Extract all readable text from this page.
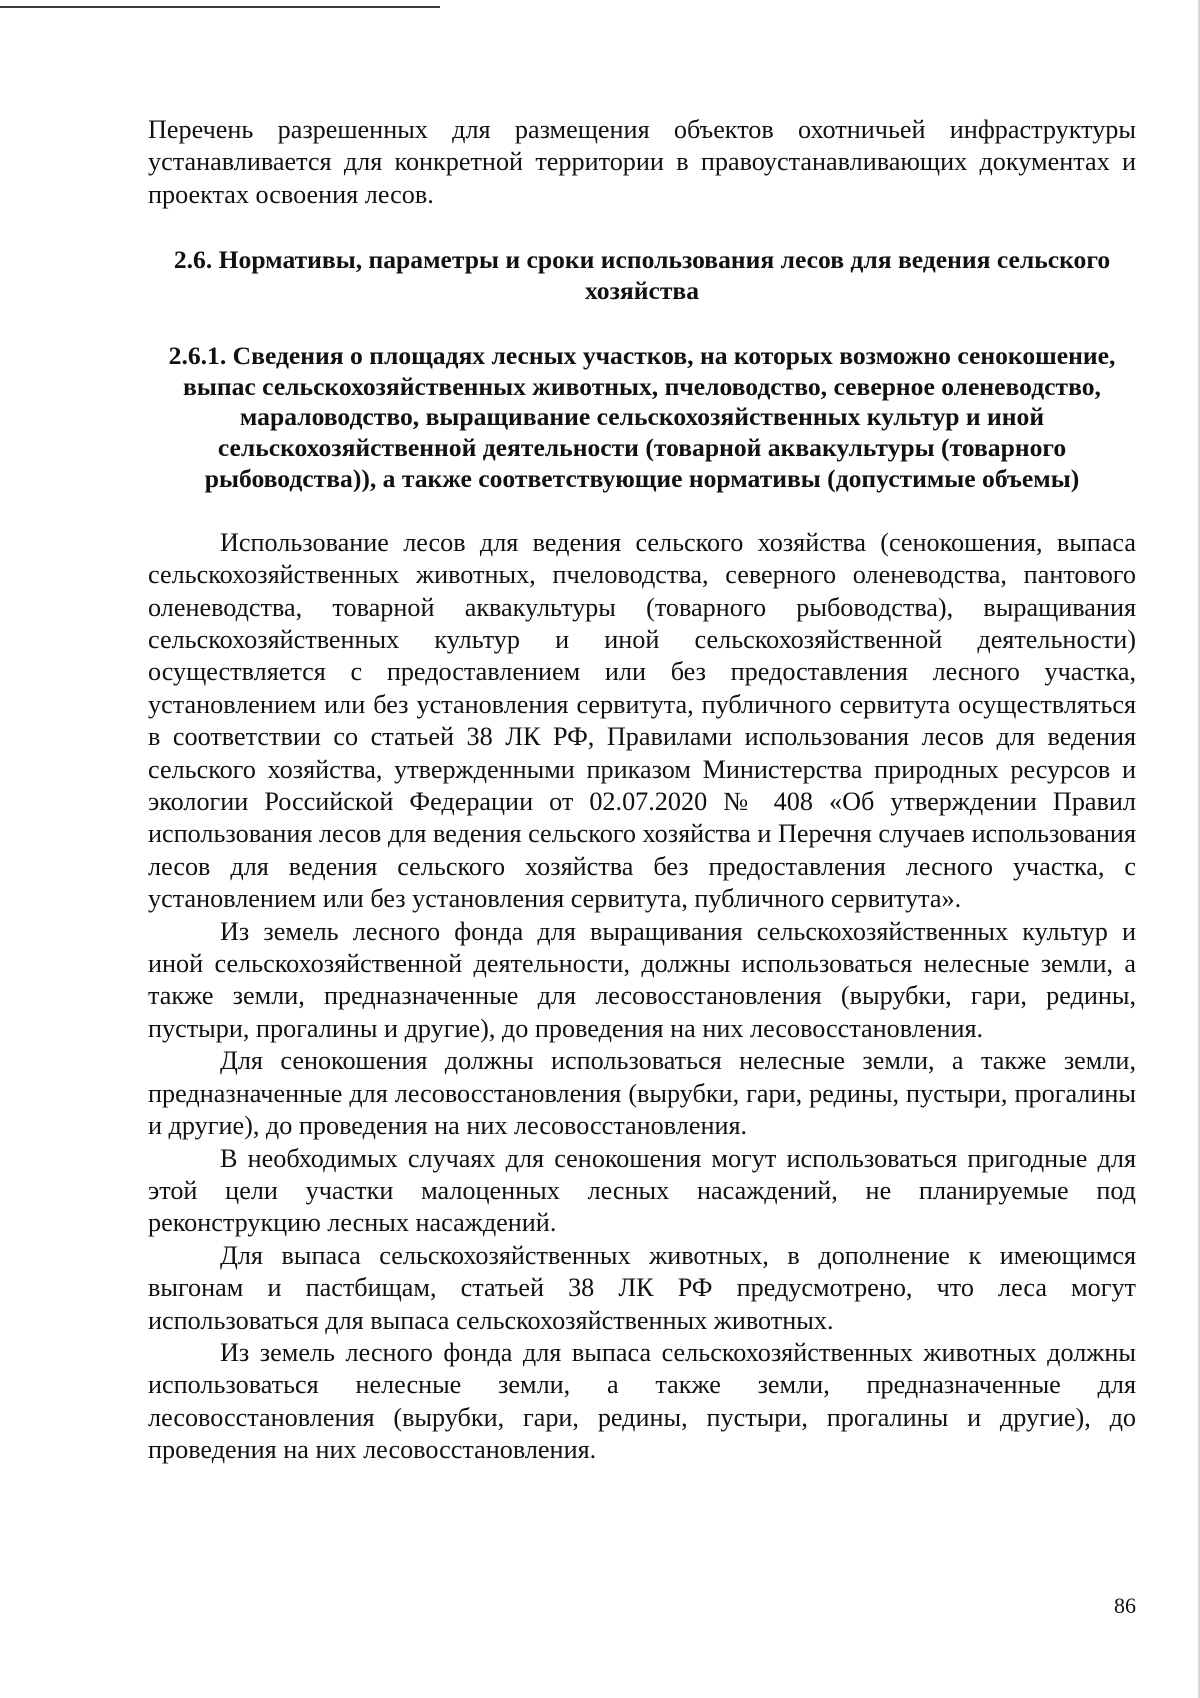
Перечень разрешенных для размещения объектов охотничьей инфраструктуры устанавливается для конкретной территории в правоустанавливающих документах и проектах освоения лесов.

2.6. Нормативы, параметры и сроки использования лесов для ведения сельского хозяйства
2.6.1. Сведения о площадях лесных участков, на которых возможно сенокошение, выпас сельскохозяйственных животных, пчеловодство, северное оленеводство, мараловодство, выращивание сельскохозяйственных культур и иной сельскохозяйственной деятельности (товарной аквакультуры (товарного рыбоводства)), а также соответствующие нормативы (допустимые объемы)

Использование лесов для ведения сельского хозяйства (сенокошения, выпаса сельскохозяйственных животных, пчеловодства, северного оленеводства, пантового оленеводства, товарной аквакультуры (товарного рыбоводства), выращивания сельскохозяйственных культур и иной сельскохозяйственной деятельности) осуществляется с предоставлением или без предоставления лесного участка, установлением или без установления сервитута, публичного сервитута осуществляться в соответствии со статьей 38 ЛК РФ, Правилами использования лесов для ведения сельского хозяйства, утвержденными приказом Министерства природных ресурсов и экологии Российской Федерации от 02.07.2020 № 408 «Об утверждении Правил использования лесов для ведения сельского хозяйства и Перечня случаев использования лесов для ведения сельского хозяйства без предоставления лесного участка, с установлением или без установления сервитута, публичного сервитута».

Из земель лесного фонда для выращивания сельскохозяйственных культур и иной сельскохозяйственной деятельности, должны использоваться нелесные земли, а также земли, предназначенные для лесовосстановления (вырубки, гари, редины, пустыри, прогалины и другие), до проведения на них лесовосстановления.

Для сенокошения должны использоваться нелесные земли, а также земли, предназначенные для лесовосстановления (вырубки, гари, редины, пустыри, прогалины и другие), до проведения на них лесовосстановления.

В необходимых случаях для сенокошения могут использоваться пригодные для этой цели участки малоценных лесных насаждений, не планируемые под реконструкцию лесных насаждений.

Для выпаса сельскохозяйственных животных, в дополнение к имеющимся выгонам и пастбищам, статьей 38 ЛК РФ предусмотрено, что леса могут использоваться для выпаса сельскохозяйственных животных.

Из земель лесного фонда для выпаса сельскохозяйственных животных должны использоваться нелесные земли, а также земли, предназначенные для лесовосстановления (вырубки, гари, редины, пустыри, прогалины и другие), до проведения на них лесовосстановления.

86
